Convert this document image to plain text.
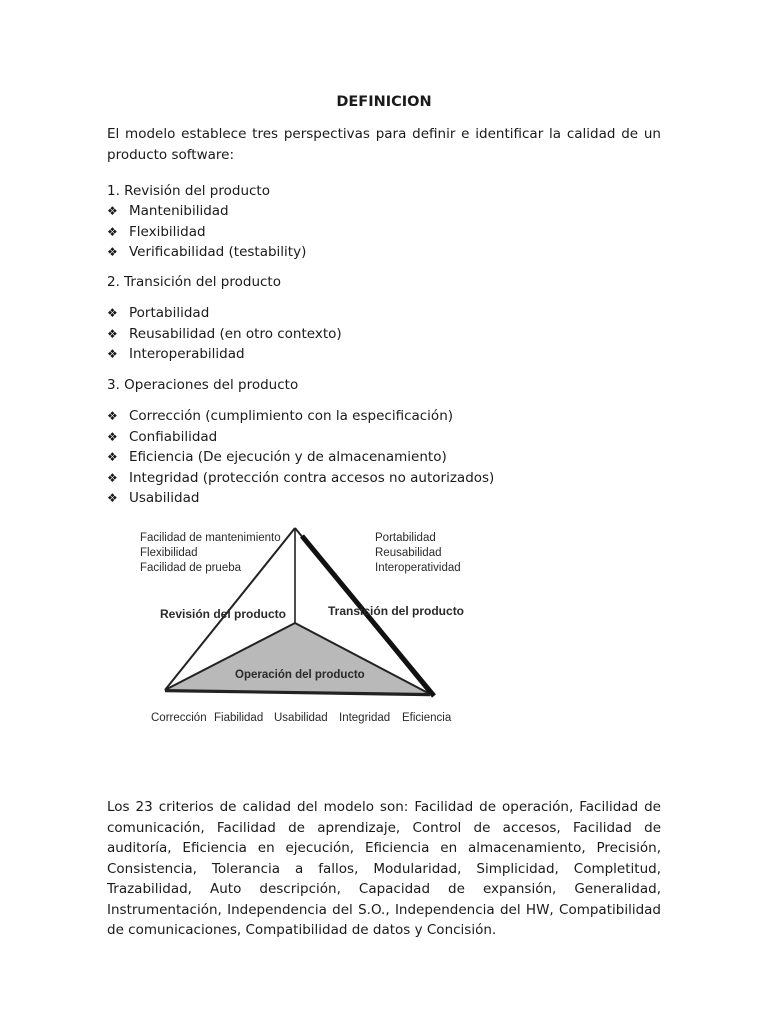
DEFINICION
El modelo establece tres perspectivas para definir e identificar la calidad de un producto software:
1. Revisión del producto
❖ Mantenibilidad
❖ Flexibilidad
❖ Verificabilidad (testability)
2. Transición del producto
❖ Portabilidad
❖ Reusabilidad (en otro contexto)
❖ Interoperabilidad
3. Operaciones del producto
❖ Corrección (cumplimiento con la especificación)
❖ Confiabilidad
❖ Eficiencia (De ejecución y de almacenamiento)
❖ Integridad (protección contra accesos no autorizados)
❖ Usabilidad
Facilidad de mantenimiento
Flexibilidad
Facilidad de prueba
Portabilidad
Reusabilidad
Interoperatividad
Revisión del producto	Transición del producto
Operación del producto
Corrección Fiabilidad Usabilidad Integridad Eficiencia
Los 23 criterios de calidad del modelo son: Facilidad de operación, Facilidad de comunicación, Facilidad de aprendizaje, Control de accesos, Facilidad de auditoría, Eficiencia en ejecución, Eficiencia en almacenamiento, Precisión, Consistencia, Tolerancia a fallos, Modularidad, Simplicidad, Completitud, Trazabilidad, Auto descripción, Capacidad de expansión, Generalidad, Instrumentación, Independencia del S.O., Independencia del HW, Compatibilidad de comunicaciones, Compatibilidad de datos y Concisión.
